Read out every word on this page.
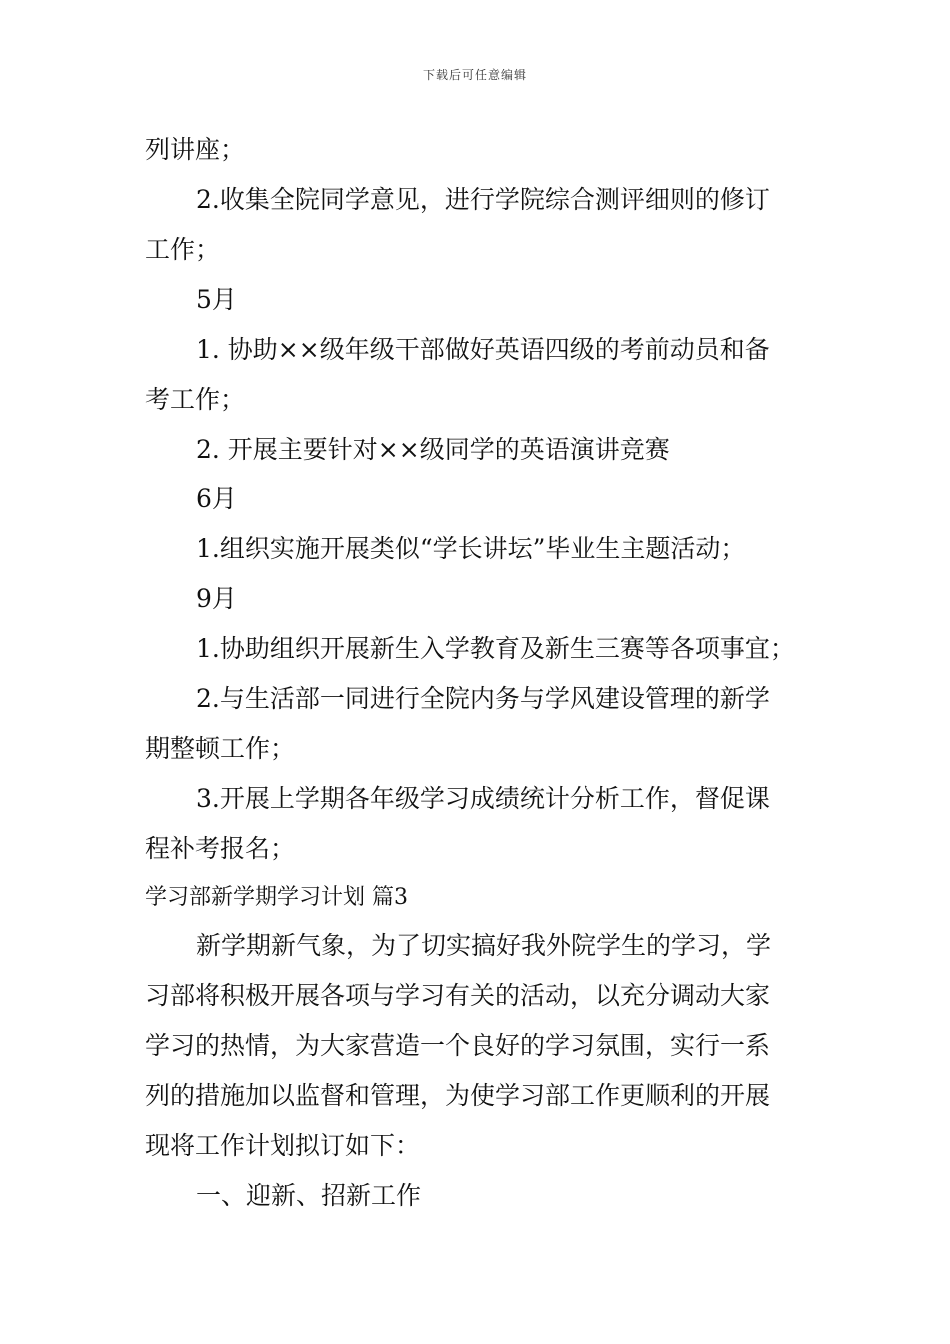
下载后可任意编辑
列讲座；
2.收集全院同学意见，进行学院综合测评细则的修订
工作；
5月
1. 协助××级年级干部做好英语四级的考前动员和备
考工作；
2. 开展主要针对××级同学的英语演讲竞赛
6月
1.组织实施开展类似“学长讲坛”毕业生主题活动；
9月
1.协助组织开展新生入学教育及新生三赛等各项事宜；
2.与生活部一同进行全院内务与学风建设管理的新学
期整顿工作；
3.开展上学期各年级学习成绩统计分析工作，督促课
程补考报名；
学习部新学期学习计划 篇3
新学期新气象，为了切实搞好我外院学生的学习，学
习部将积极开展各项与学习有关的活动，以充分调动大家
学习的热情，为大家营造一个良好的学习氛围，实行一系
列的措施加以监督和管理，为使学习部工作更顺利的开展
现将工作计划拟订如下：
一、迎新、招新工作
